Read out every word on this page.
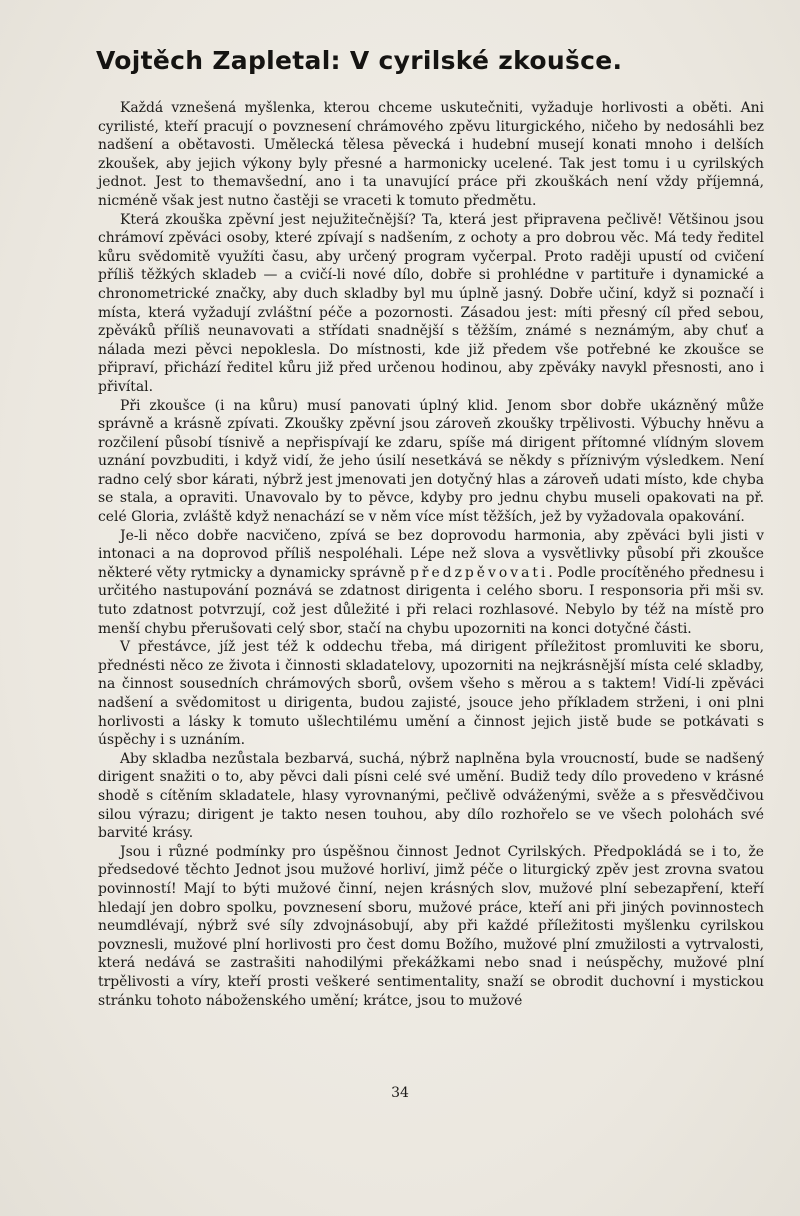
Vojtěch Zapletal: V cyrilské zkoušce.

Každá vznešená myšlenka, kterou chceme uskutečniti, vyžaduje horlivosti a oběti. Ani cyrilisté, kteří pracují o povznesení chrámového zpěvu liturgického, ničeho by nedosáhli bez nadšení a obětavosti. Umělecká tělesa pěvecká i hudební musejí konati mnoho i delších zkoušek, aby jejich výkony byly přesné a harmonicky ucelené. Tak jest tomu i u cyrilských jednot. Jest to themavšední, ano i ta unavující práce při zkouškách není vždy příjemná, nicméně však jest nutno častěji se vraceti k tomuto předmětu.

Která zkouška zpěvní jest nejužitečnější? Ta, která jest připravena pečlivě! Většinou jsou chrámoví zpěváci osoby, které zpívají s nadšením, z ochoty a pro dobrou věc. Má tedy ředitel kůru svědomitě využíti času, aby určený program vyčerpal. Proto raději upustí od cvičení příliš těžkých skladeb — a cvičí-li nové dílo, dobře si prohlédne v partituře i dynamické a chronometrické značky, aby duch skladby byl mu úplně jasný. Dobře učiní, když si poznačí i místa, která vyžadují zvláštní péče a pozornosti. Zásadou jest: míti přesný cíl před sebou, zpěváků příliš neunavovati a střídati snadnější s těžším, známé s neznámým, aby chuť a nálada mezi pěvci nepoklesla. Do místnosti, kde již předem vše potřebné ke zkoušce se připraví, přichází ředitel kůru již před určenou hodinou, aby zpěváky navykl přesnosti, ano i přivítal.

Při zkoušce (i na kůru) musí panovati úplný klid. Jenom sbor dobře ukázněný může správně a krásně zpívati. Zkoušky zpěvní jsou zároveň zkoušky trpělivosti. Výbuchy hněvu a rozčilení působí tísnivě a nepřispívají ke zdaru, spíše má dirigent přítomné vlídným slovem uznání povzbuditi, i když vidí, že jeho úsilí nesetkává se někdy s příznivým výsledkem. Není radno celý sbor kárati, nýbrž jest jmenovati jen dotyčný hlas a zároveň udati místo, kde chyba se stala, a opraviti. Unavovalo by to pěvce, kdyby pro jednu chybu museli opakovati na př. celé Gloria, zvláště když nenachází se v něm více míst těžších, jež by vyžadovala opakování.

Je-li něco dobře nacvičeno, zpívá se bez doprovodu harmonia, aby zpěváci byli jisti v intonaci a na doprovod příliš nespoléhali. Lépe než slova a vysvětlivky působí při zkoušce některé věty rytmicky a dynamicky správně předzpěvovati. Podle procítěného přednesu i určitého nastupování poznává se zdatnost dirigenta i celého sboru. I responsoria při mši sv. tuto zdatnost potvrzují, což jest důležité i při relaci rozhlasové. Nebylo by též na místě pro menší chybu přerušovati celý sbor, stačí na chybu upozorniti na konci dotyčné části.

V přestávce, jíž jest též k oddechu třeba, má dirigent příležitost promluviti ke sboru, přednésti něco ze života i činnosti skladatelovy, upozorniti na nejkrásnější místa celé skladby, na činnost sousedních chrámových sborů, ovšem všeho s měrou a s taktem! Vidí-li zpěváci nadšení a svědomitost u dirigenta, budou zajisté, jsouce jeho příkladem strženi, i oni plni horlivosti a lásky k tomuto ušlechtilému umění a činnost jejich jistě bude se potkávati s úspěchy i s uznáním.

Aby skladba nezůstala bezbarvá, suchá, nýbrž naplněna byla vroucností, bude se nadšený dirigent snažiti o to, aby pěvci dali písni celé své umění. Budiž tedy dílo provedeno v krásné shodě s cítěním skladatele, hlasy vyrovnanými, pečlivě odváženými, svěže a s přesvědčivou silou výrazu; dirigent je takto nesen touhou, aby dílo rozhořelo se ve všech polohách své barvité krásy.

Jsou i různé podmínky pro úspěšnou činnost Jednot Cyrilských. Předpokládá se i to, že předsedové těchto Jednot jsou mužové horliví, jimž péče o liturgický zpěv jest zrovna svatou povinností! Mají to býti mužové činní, nejen krásných slov, mužové plní sebezapření, kteří hledají jen dobro spolku, povznesení sboru, mužové práce, kteří ani při jiných povinnostech neumdlévají, nýbrž své síly zdvojnásobují, aby při každé příležitosti myšlenku cyrilskou povznesli, mužové plní horlivosti pro čest domu Božího, mužové plní zmužilosti a vytrvalosti, která nedává se zastrašiti nahodilými překážkami nebo snad i neúspěchy, mužové plní trpělivosti a víry, kteří prosti veškeré sentimentality, snaží se obrodit duchovní i mystickou stránku tohoto náboženského umění; krátce, jsou to mužové

34
